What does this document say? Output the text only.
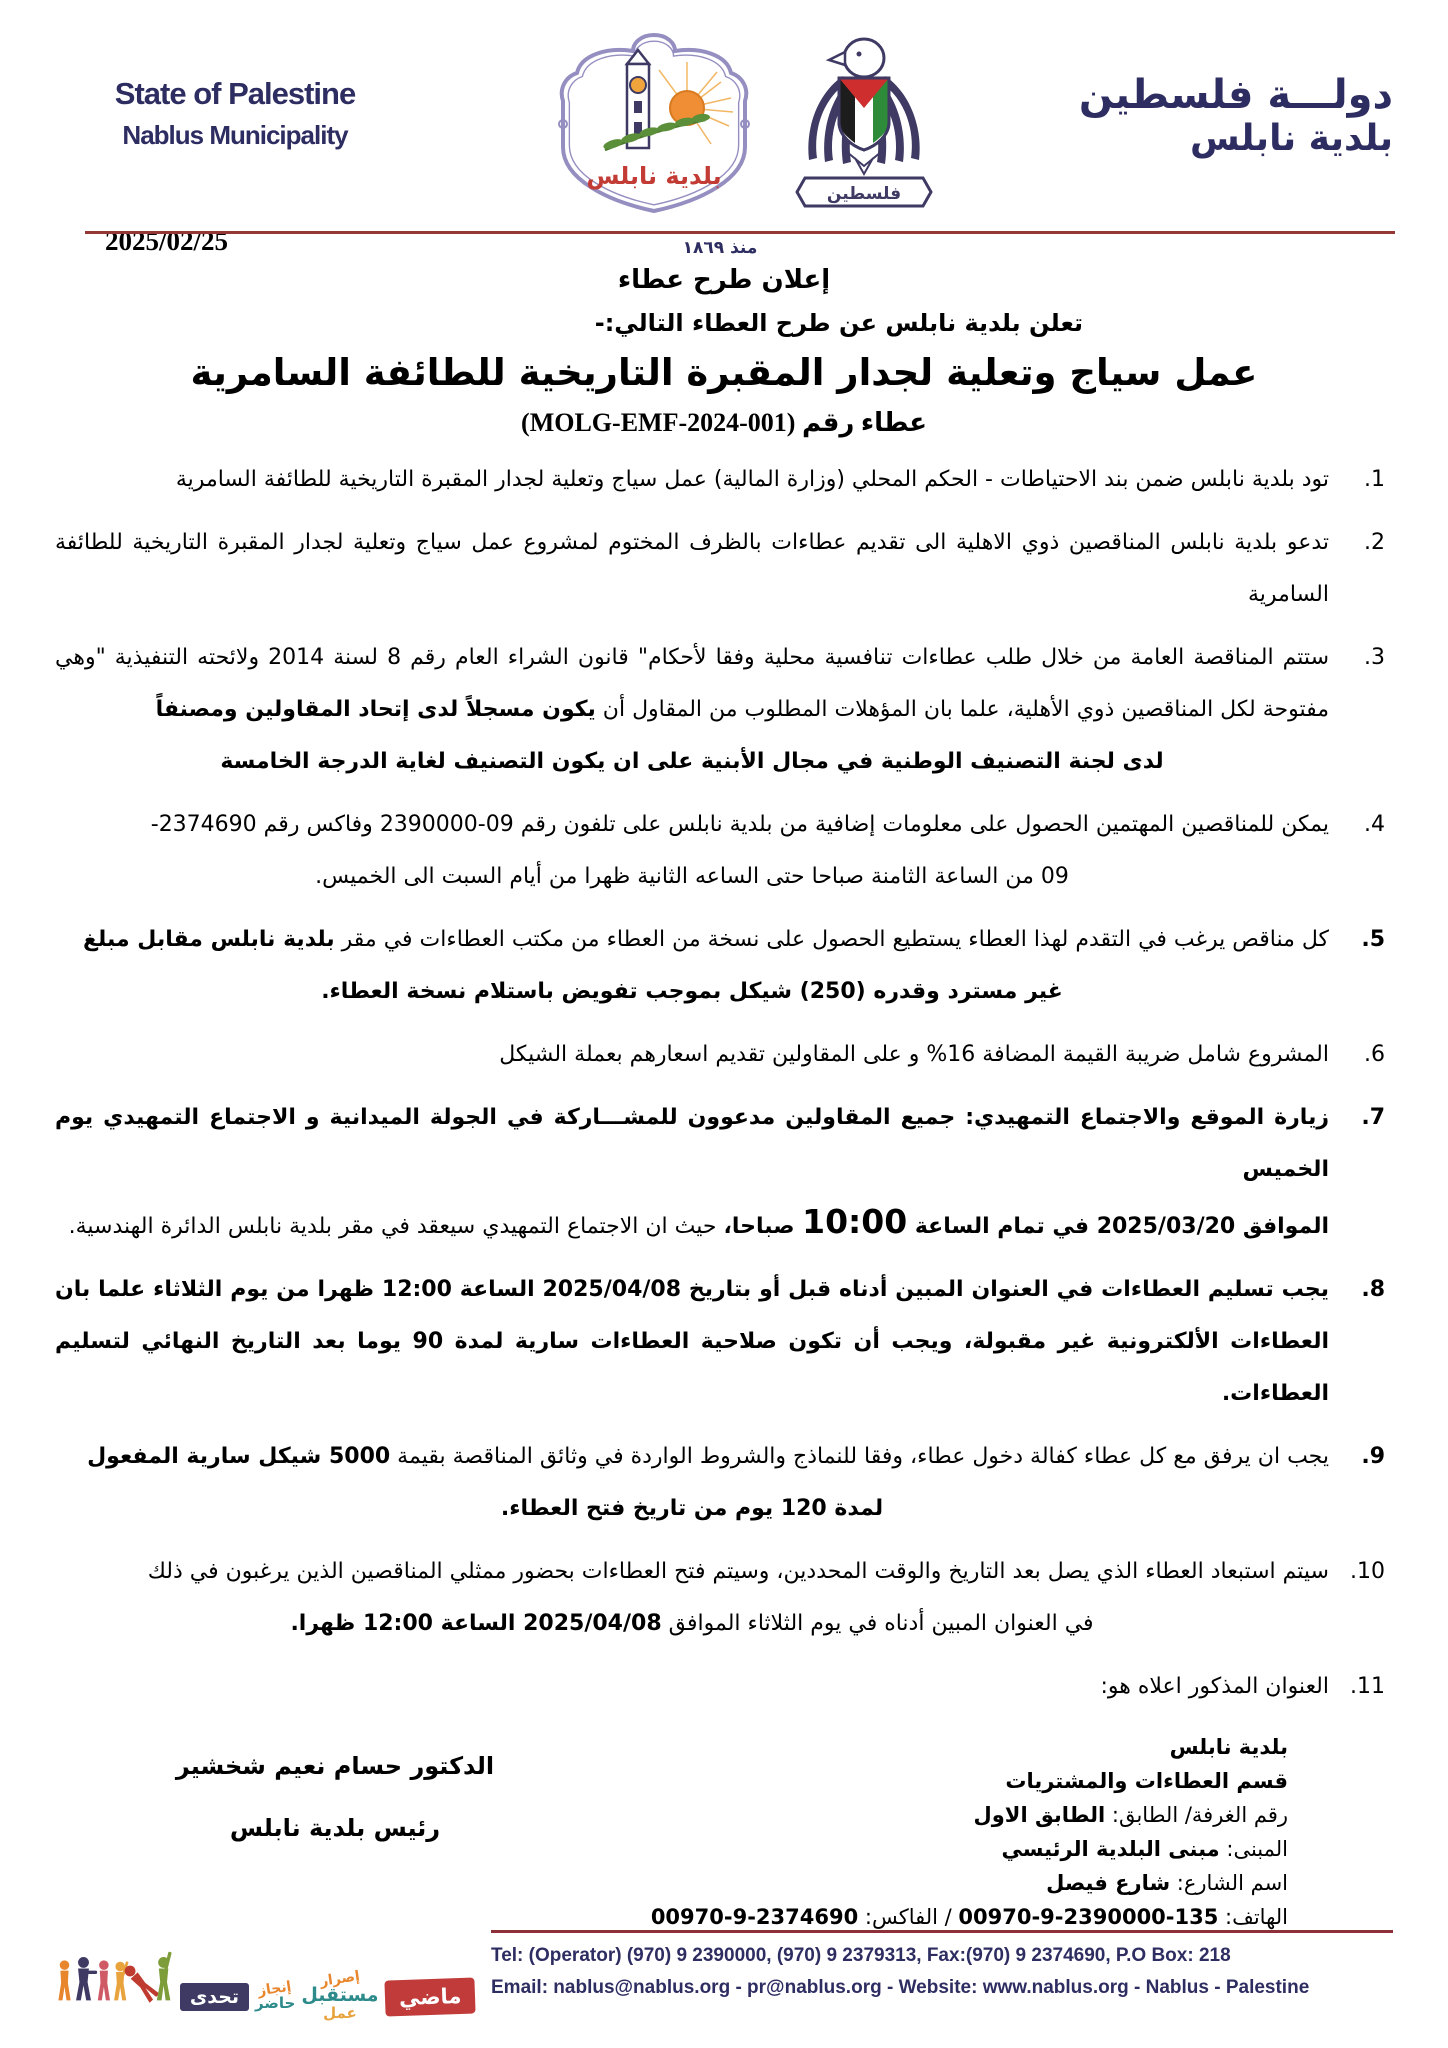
State of Palestine
Nablus Municipality
بلدية نابلس
فلسطين
دولـــة فلسطين
بلدية نابلس
منذ ١٨٦٩
2025/02/25
إعلان طرح عطاء
تعلن بلدية نابلس عن طرح العطاء التالي:-
عمل سياج وتعلية لجدار المقبرة التاريخية للطائفة السامرية
عطاء رقم (MOLG-EMF-2024-001)
1.
تود بلدية نابلس ضمن بند الاحتياطات - الحكم المحلي (وزارة المالية) عمل سياج وتعلية لجدار المقبرة التاريخية للطائفة السامرية
2.
تدعو بلدية نابلس المناقصين ذوي الاهلية الى تقديم عطاءات بالظرف المختوم لمشروع عمل سياج وتعلية لجدار المقبرة التاريخية للطائفة السامرية
3.
ستتم المناقصة العامة من خلال طلب عطاءات تنافسية محلية وفقا لأحكام" قانون الشراء العام رقم 8 لسنة 2014 ولائحته التنفيذية "وهي مفتوحة لكل المناقصين ذوي الأهلية، علما بان المؤهلات المطلوب من المقاول أن يكون مسجلاً لدى إتحاد المقاولين ومصنفاً
لدى لجنة التصنيف الوطنية في مجال الأبنية على ان يكون التصنيف لغاية الدرجة الخامسة
4.
يمكن للمناقصين المهتمين الحصول على معلومات إضافية من بلدية نابلس على تلفون رقم 09-2390000 وفاكس رقم -2374690
09 من الساعة الثامنة صباحا حتى الساعه الثانية ظهرا من أيام السبت الى الخميس.
5.
كل مناقص يرغب في التقدم لهذا العطاء يستطيع الحصول على نسخة من العطاء من مكتب العطاءات في مقر بلدية نابلس مقابل مبلغ
غير مسترد وقدره (250) شيكل بموجب تفويض باستلام نسخة العطاء.
6.
المشروع شامل ضريبة القيمة المضافة 16% و على المقاولين تقديم اسعارهم بعملة الشيكل
7.
زيارة الموقع والاجتماع التمهيدي: جميع المقاولين مدعوون للمشـــاركة في الجولة الميدانية و الاجتماع التمهيدي يوم الخميس
الموافق 2025/03/20 في تمام الساعة 10:00 صباحا، حيث ان الاجتماع التمهيدي سيعقد في مقر بلدية نابلس الدائرة الهندسية.
8.
يجب تسليم العطاءات في العنوان المبين أدناه قبل أو بتاريخ 2025/04/08 الساعة 12:00 ظهرا من يوم الثلاثاء علما بان العطاءات الألكترونية غير مقبولة، ويجب أن تكون صلاحية العطاءات سارية لمدة 90 يوما بعد التاريخ النهائي لتسليم العطاءات.
9.
يجب ان يرفق مع كل عطاء كفالة دخول عطاء، وفقا للنماذج والشروط الواردة في وثائق المناقصة بقيمة 5000 شيكل سارية المفعول
لمدة 120 يوم من تاريخ فتح العطاء.
10.
سيتم استبعاد العطاء الذي يصل بعد التاريخ والوقت المحددين، وسيتم فتح العطاءات بحضور ممثلي المناقصين الذين يرغبون في ذلك
في العنوان المبين أدناه في يوم الثلاثاء الموافق 2025/04/08 الساعة 12:00 ظهرا.
11.
العنوان المذكور اعلاه هو:
بلدية نابلس
قسم العطاءات والمشتريات
رقم الغرفة/ الطابق: الطابق الاول
المبنى: مبنى البلدية الرئيسي
اسم الشارع: شارع فيصل
الهاتف: 00970-9-2390000-135 / الفاكس: 00970-9-2374690
الدكتور حسام نعيم شخشير
رئيس بلدية نابلس
تحدى	إنجاز
حاضر
إصرار
مستقبل
عمل
ماضي
Tel: (Operator) (970) 9 2390000, (970) 9 2379313, Fax:(970) 9 2374690, P.O Box: 218
Email: nablus@nablus.org - pr@nablus.org - Website: www.nablus.org - Nablus - Palestine
